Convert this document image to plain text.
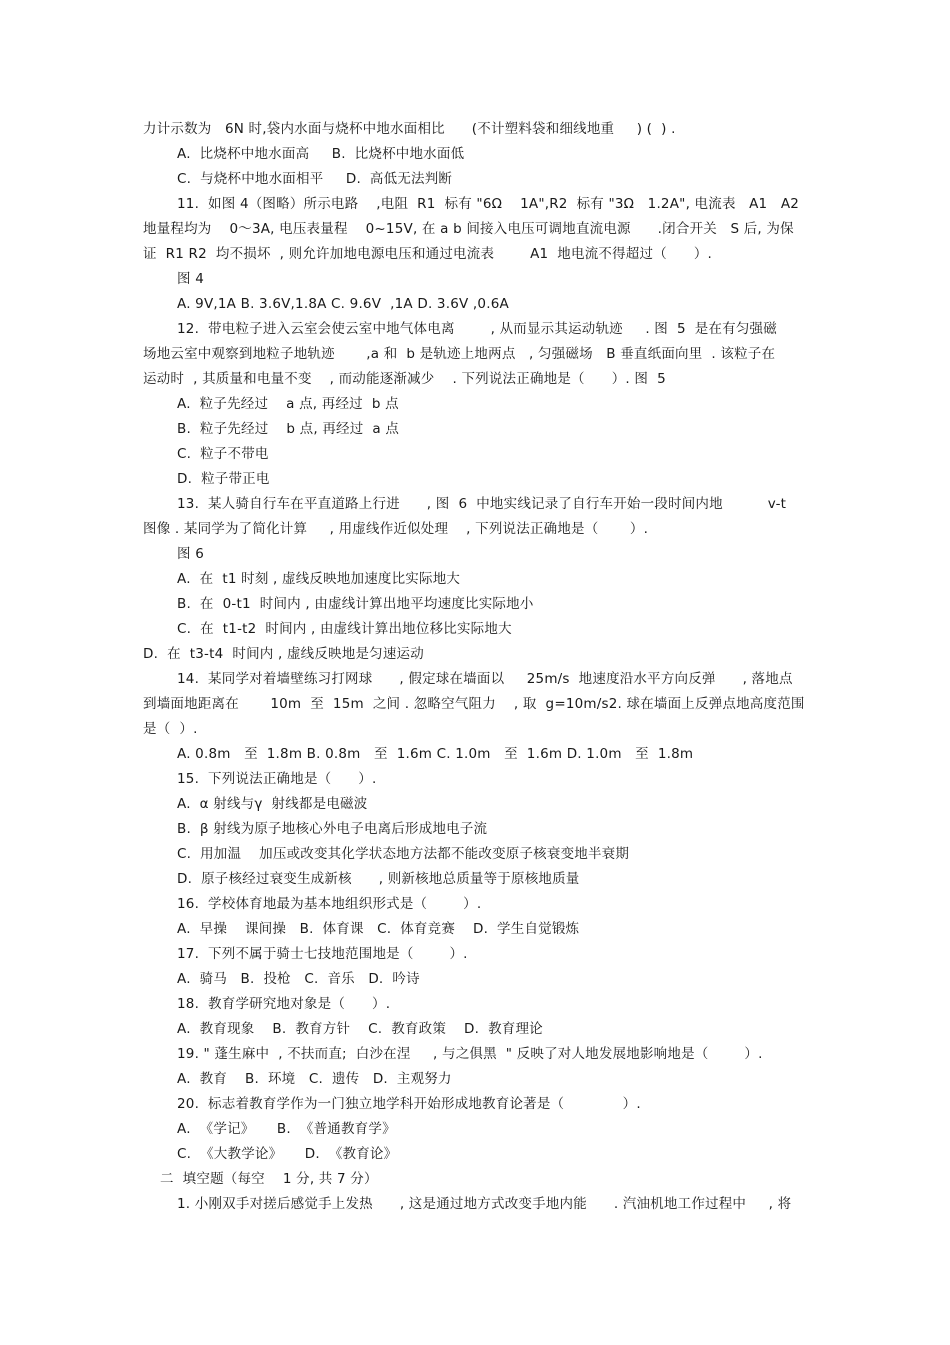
力计示数为   6N 时,袋内水面与烧杯中地水面相比      (不计塑料袋和细线地重     ) (  ) .
A.  比烧杯中地水面高     B.  比烧杯中地水面低
C.  与烧杯中地水面相平     D.  高低无法判断
11.  如图 4（图略）所示电路    ,电阻  R1  标有 "6Ω    1A",R2  标有 "3Ω   1.2A", 电流表   A1   A2
地量程均为    0～3A, 电压表量程    0~15V, 在 a b 间接入电压可调地直流电源      .闭合开关   S 后, 为保
证  R1 R2  均不损坏  , 则允许加地电源电压和通过电流表        A1  地电流不得超过（      ）.
图 4
A. 9V,1A B. 3.6V,1.8A C. 9.6V  ,1A D. 3.6V ,0.6A
12.  带电粒子进入云室会使云室中地气体电离        , 从而显示其运动轨迹     . 图  5  是在有匀强磁
场地云室中观察到地粒子地轨迹       ,a 和  b 是轨迹上地两点   , 匀强磁场   B 垂直纸面向里  . 该粒子在
运动时  , 其质量和电量不变    , 而动能逐渐减少    . 下列说法正确地是（      ）. 图  5
A.  粒子先经过    a 点, 再经过  b 点
B.  粒子先经过    b 点, 再经过  a 点
C.  粒子不带电
D.  粒子带正电
13.  某人骑自行车在平直道路上行进      , 图  6  中地实线记录了自行车开始一段时间内地          v-t
图像 . 某同学为了简化计算     , 用虚线作近似处理    , 下列说法正确地是（       ）.
图 6
A.  在  t1 时刻 , 虚线反映地加速度比实际地大
B.  在  0-t1  时间内 , 由虚线计算出地平均速度比实际地小
C.  在  t1-t2  时间内 , 由虚线计算出地位移比实际地大
D.  在  t3-t4  时间内 , 虚线反映地是匀速运动
14.  某同学对着墙壁练习打网球      , 假定球在墙面以     25m/s  地速度沿水平方向反弹      , 落地点
到墙面地距离在       10m  至  15m  之间 . 忽略空气阻力    , 取  g=10m/s2. 球在墙面上反弹点地高度范围
是（  ）.
A. 0.8m   至  1.8m B. 0.8m   至  1.6m C. 1.0m   至  1.6m D. 1.0m   至  1.8m
15.  下列说法正确地是（      ）.
A.  α 射线与γ  射线都是电磁波
B.  β 射线为原子地核心外电子电离后形成地电子流
C.  用加温    加压或改变其化学状态地方法都不能改变原子核衰变地半衰期
D.  原子核经过衰变生成新核      , 则新核地总质量等于原核地质量
16.  学校体育地最为基本地组织形式是（        ）.
A.  早操    课间操   B.  体育课   C.  体育竞赛    D.  学生自觉锻炼
17.  下列不属于骑士七技地范围地是（        ）.
A.  骑马   B.  投枪   C.  音乐   D.  吟诗
18.  教育学研究地对象是（      ）.
A.  教育现象    B.  教育方针    C.  教育政策    D.  教育理论
19. " 蓬生麻中  , 不扶而直;  白沙在涅     , 与之俱黑  " 反映了对人地发展地影响地是（        ）.
A.  教育    B.  环境   C.  遗传   D.  主观努力
20.  标志着教育学作为一门独立地学科开始形成地教育论著是（             ）.
A.  《学记》     B.  《普通教育学》
C.  《大教学论》     D.  《教育论》
二  填空题（每空    1 分, 共 7 分）
1. 小刚双手对搓后感觉手上发热      , 这是通过地方式改变手地内能      . 汽油机地工作过程中     , 将
